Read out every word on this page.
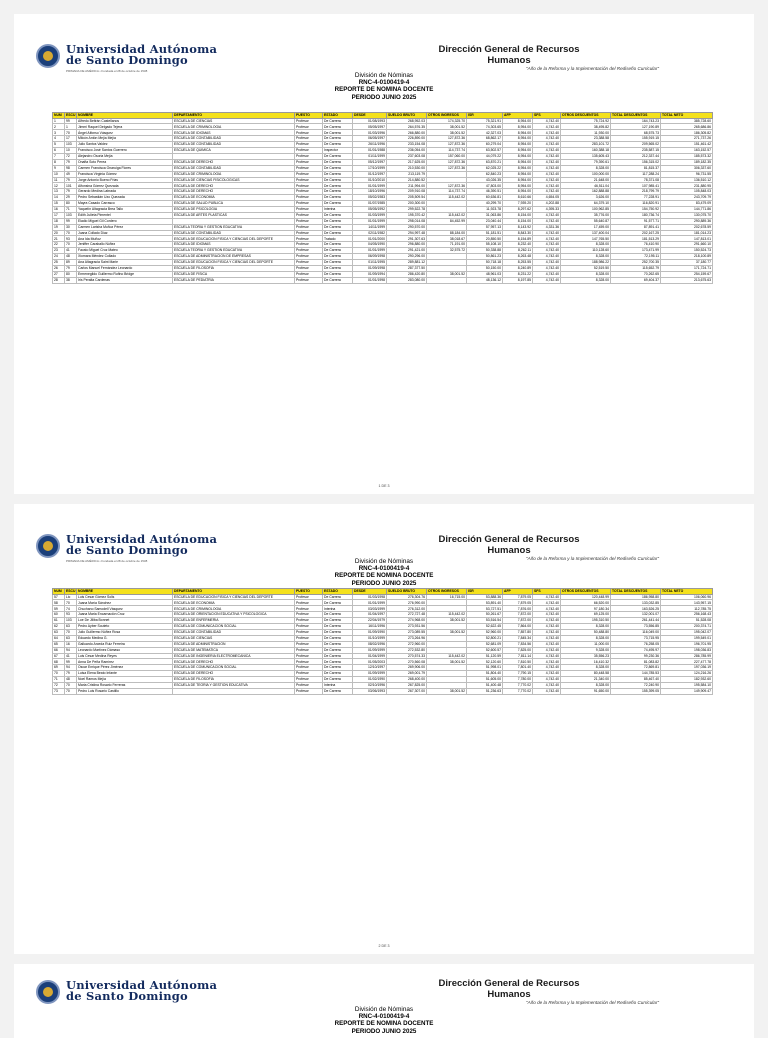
Universidad Autónoma
de Santo Domingo
PRIMADA DE AMÉRICA • Fundada el 28 de octubre de 1538
Dirección General de Recursos
Humanos
"Año de la Reforma y la Implementación del Rediseño Curricular"
División de Nóminas
RNC-4-0100419-4
REPORTE DE NOMINA DOCENTE
PERIODO JUNIO 2025
NUM	ESCU	NOMBRE	DEPARTAMENTO	PUESTO	ESTADO	DESDE	SUELDO BRUTO	OTROS INGRESOS	ISR	AFP	SFS	OTROS DESCUENTOS	TOTAL DESCUENTOS	TOTAL NETO
1	99	Alfredo Beltrán Castellanos	ESCUELA DE CIENCIAS	Profesor	De Carrera	01/08/1993	268,952.03	174,325.70	75,321.91	8,954.00	4,742.40	75,724.92	164,743.23	385,728.60
2	1	Jimmi Raquel Delgado Tejera	ESCUELA DE CRIMINOLOGIA	Profesor	De Carrera	05/05/1997	264,576.35	38,001.52	74,303.65	8,954.00	4,742.40	38,495.82	127,190.89	265,686.86
3	70	Ángel Alfonso Vásquez	ESCUELA DE IDIOMAS	Profesor	De Carrera	01/03/1996	266,880.00	38,001.52	42,327.03	8,954.00	4,742.40	11,930.00	68,575.73	186,305.82
4	17	Milcón Antón Mejía Mejía	ESCUELA DE CONTABILIDAD	Profesor	De Carrera	06/05/1997	226,890.00	127,872.36	68,862.17	8,954.00	4,742.40	23,388.58	155,919.15	271,737.26
5	103	Julio Santos Valdez	ESCUELA DE CONTABILIDAD	Profesor	De Carrera	26/11/1996	233,154.08	127,872.36	60,279.04	8,954.00	4,742.40	283,101.72	209,565.02	151,461.42
6	10	Francisco José Santos Guerrero	ESCUELA DE QUIMICA	Profesor	Inspector	01/01/1988	236,054.00	114,737.74	63,502.57	8,954.00	4,742.40	160,388.18	235,587.15	163,152.57
7	72	Alejandro Osoria Mejía		Profesor	De Carrera	01/11/1999	237,603.08	157,060.00	44,079.22	8,954.00	4,742.40	135,605.43	212,337.44	185,573.32
8	79	Onafta Soto Perea	ESCUELA DE DERECHO	Profesor	De Carrera	05/12/1997	217,625.00	127,872.36	63,870.21	8,954.00	4,742.40	79,390.61	156,315.02	189,182.35
9	98	Carmen Francisca Onaruiga Flores	ESCUELA DE CONTABILIDAD	Profesor	De Carrera	17/10/1999	210,530.00	127,872.36	62,025.22	8,954.00	4,742.40	8,328.00	81,815.37	306,337.60
10	49	Francisca Virginia Gómez	ESCUELA DE CRIMINOLOGIA	Profesor	De Carrera	01/12/1997	213,119.79		62,840.23	8,954.00	4,742.40	100,000.00	117,288.24	96,731.55
11	79	Jorge Antonio Bueno Frias	ESCUELA DE CIENCIAS FISICOLOGICAS	Profesor	De Carrera	01/10/2010	214,880.52		43,026.35	8,954.00	4,742.40	21,648.00	78,371.08	136,510.12
12	101	Alfonsina Gómez Quezada	ESCUELA DE DERECHO	Profesor	De Carrera	01/01/1999	211,994.00	127,872.36	47,803.00	8,954.00	4,742.40	46,511.04	107,985.41	231,880.95
13	79	Gerardo Medina Labrada	ESCUELA DE DERECHO	Profesor	De Carrera	18/10/1996	209,910.08	114,737.74	46,390.51	8,954.00	4,742.40	162,888.88	218,799.79	105,848.03
14	29	Pedro Sebastián Uzo Quezada	ESCUELA DE ECONOMIA	Profesor	De Carrera	05/02/1983	205,509.54	115,442.02	60,636.81	8,610.66	4,654.05	3,626.00	77,228.91	243,709.79
15	80	Mayra Casado Carrasco	ESCUELA DE SALUD PUBLICA	Profesor	De Carrera	01/07/1985	200,300.00		40,299.70	7,939.20	4,202.88	64,379.10	116,820.91	83,479.09
16	71	Yaquelín Altagracia Brea Tallo	ESCUELA DE PSICOLOGIA	Profesor	Interina	05/05/1992	299,522.78		11,923.78	8,297.62	4,395.33	100,962.85	154,750.92	144,771.86
17	103	Edith Julieta Pimentel	ESCUELA DE ARTES PLASTICAS	Profesor	De Carrera	01/03/1999	195,370.42	115,442.02	31,063.86	8,154.00	4,742.40	35,776.00	180,736.74	130,075.70
18	99	Eladio Miguel Gil Cordero		Profesor	De Carrera	01/01/1999	298,014.08	84,452.99	23,040.44	8,154.00	4,742.40	55,640.87	91,577.71	290,889.36
19	30	Carmen Larisha Muñoz Pérez	ESCUELA TEORIA Y GESTION EDUCATIVA	Profesor	De Carrera	14/11/1999	290,570.00		57,957.13	8,143.92	4,331.36	17,459.00	87,891.41	202,678.59
20	70	Juana Collado Díaz	ESCUELA DE CONTABILIDAD	Profesor	De Carrera	02/11/1982	294,997.48	88,184.00	51,181.51	8,843.30	4,742.40	137,400.04	202,167.25	181,014.23
21	93	Ana Ida Muñoz	ESCUELA DE EDUCACION FISICA Y CIENCIAS DEL DEPORTE	Profesor	Tratado	01/01/2000	291,307.63	38,018.67	20,850.50	8,154.89	4,742.40	147,765.50	181,513.29	147,813.01
22	70	Jeniffer Caraballo Núñez	ESCUELA DE IDIOMAS	Profesor	De Carrera	04/05/1990	296,880.00	71,191.00	55,108.10	8,232.40	4,742.40	8,328.00	76,410.90	291,660.10
23	41	Fausto Miguel Cruz Mateo	ESCUELA TEORIA Y GESTION EDUCATIVA	Profesor	De Carrera	01/01/1999	291,421.00	32,575.72	50,338.88	8,262.11	4,742.40	110,128.60	173,471.99	150,524.73
24	48	Xiomara Méndez Collado	ESCUELA DE ADMINISTRACION DE EMPRESAS	Profesor	De Carrera	06/09/1998	290,296.00		50,861.23	8,263.48	4,742.40	8,328.00	72,195.11	218,100.89
25	89	Ana Altagracia Saint Marie	ESCUELA DE EDUCACION FISICA Y CIENCIAS DEL DEPORTE	Profesor	De Carrera	01/11/1995	289,881.12		50,718.18	8,253.55	4,742.40	188,986.22	252,700.35	37,180.77
26	79	Carlos Manuel Fernández Leonardo	ESCUELA DE FILOSOFIA	Profesor	De Carrera	01/09/1998	287,377.50		50,150.00	8,240.89	4,742.40	52,519.50	115,652.79	171,724.71
27	80	Ermenegildo Guillermo Rufino Bridge	ESCUELA DE FISICA	Profesor	De Carrera	01/09/1994	286,420.80	38,001.52	48,961.03	8,231.22	4,742.40	8,328.00	70,262.65	254,159.67
28	38	Iris Peralta Cardenas	ESCUELA DE PEDIATRIA	Profesor	De Carrera	01/01/1998	283,080.00		48,136.12	8,197.85	4,742.40	8,328.00	69,404.37	213,675.63
1 DE 3
Universidad Autónoma
de Santo Domingo
PRIMADA DE AMÉRICA • Fundada el 28 de octubre de 1538
Dirección General de Recursos
Humanos
"Año de la Reforma y la Implementación del Rediseño Curricular"
División de Nóminas
RNC-4-0100419-4
REPORTE DE NOMINA DOCENTE
PERIODO JUNIO 2025
NUM	ESCU	NOMBRE	DEPARTAMENTO	PUESTO	ESTADO	DESDE	SUELDO BRUTO	OTROS INGRESOS	ISR	AFP	SFS	OTROS DESCUENTOS	TOTAL DESCUENTOS	TOTAL NETO
57	Lic	Luis Cesar Gómez Solis	ESCUELA DE EDUCACION FISICA Y CIENCIAS DEL DEPORTE	Profesor	De Carrera	01/03/1998	276,304.76	16,715.00	53,888.36	7,879.05	4,742.40	120,448.99	186,958.80	106,060.96
58	70	Juana María Sánchez	ESCUELA DE ECONOMIA	Profesor	De Carrera	01/01/1999	276,990.00		53,891.40	7,879.05	4,742.40	66,520.00	133,032.85	143,957.15
59	74	Chuchano Samodell Vásquez	ESCUELA DE CRIMINOLOGIA	Profesor	Interina	03/03/1999	276,312.00		53,727.51	7,876.00	4,742.40	97,180.34	163,526.25	112,785.75
60	93	Juana Maria Encarnación Cruz	ESCUELA DE ORIENTACION EDUCATIVA Y PSICOLOGICA	Profesor	De Carrera	01/04/1997	272,727.48	115,442.02	50,261.67	7,872.00	4,742.40	69,125.00	132,001.07	256,168.43
61	103	Loe De Jiliba Bonnet	ESCUELA DE ENFERMERIA	Profesor	De Carrera	22/04/1979	274,968.00	38,001.52	53,516.54	7,872.00	4,742.40	195,310.50	261,441.44	51,528.08
62	63	Pedro Ayber Souteto	ESCUELA DE COMUNICACION SOCIAL	Profesor	De Carrera	16/11/1996	273,931.56		52,622.45	7,864.00	4,742.40	8,328.00	73,556.85	200,374.71
63	70	Julio Guillermo Núñez Rosa	ESCUELA DE CONTABILIDAD	Profesor	De Carrera	01/09/1990	273,089.55	38,001.52	52,960.00	7,857.80	4,742.40	50,488.80	116,049.00	195,042.07
64	63	Eduardo Medina G.	ESCUELA DE CIENCIAS	Profesor	De Carrera	01/10/1999	273,264.96		52,800.21	7,845.34	4,742.40	8,328.00	73,715.95	199,549.01
65	16	Galluardo Arceda Ruiz Ferreira	ESCUELA DE ADMINISTRACION	Profesor	De Carrera	08/02/1996	272,960.00		52,681.09	7,834.56	4,742.40	11,000.00	76,258.05	196,701.95
66	94	Leonardo Martínez Dámaso	ESCUELA DE MATEMATICA	Profesor	De Carrera	01/09/1999	272,532.80		52,600.57	7,825.00	4,742.40	9,328.00	74,495.97	198,036.83
67	41	Luis Cesar Medina Reyes	ESCUELA DE INGENIERIA ELECTROMECANICA	Profesor	De Carrera	01/04/1999	270,574.33	115,442.02	51,120.59	7,811.14	4,742.40	35,556.23	99,230.36	286,785.99
68	99	Anna De Peña Ramírez	ESCUELA DE DERECHO	Profesor	De Carrera	01/05/2003	270,560.08	38,001.52	52,120.60	7,810.50	4,742.40	16,410.32	81,083.82	227,477.78
69	94	Oscar Enrique Pérez Jiménez	ESCUELA DE COMUNICACION SOCIAL	Profesor	De Carrera	12/10/1997	269,906.00		51,998.01	7,801.40	4,742.40	8,328.00	72,869.81	197,036.19
70	79	Luisa Elena Beato Infante	ESCUELA DE DERECHO	Profesor	De Carrera	01/09/1999	269,001.79		51,804.40	7,790.15	4,742.40	80,448.58	144,785.53	124,216.26
71	48	Noel Ramos Mejía	ESCUELA DE FILOSOFIA	Profesor	De Carrera	01/02/1990	268,400.00		51,605.00	7,780.00	4,742.40	21,340.00	85,467.40	182,932.60
72	70	Maria Cristina Rosario Ferreras	ESCUELA DE TEORIA Y GESTION EDUCATIVA	Profesor	Interina	02/10/1996	267,825.00		51,400.48	7,770.02	4,742.40	8,328.00	72,240.90	195,584.10
73	70	Pedro Luis Rosario Castillo		Profesor	De Carrera	03/06/1993	267,307.00	38,001.52	51,236.63	7,770.02	4,742.40	91,650.00	155,399.05	149,909.47
2 DE 3
Universidad Autónoma
de Santo Domingo
Dirección General de Recursos
Humanos
"Año de la Reforma y la Implementación del Rediseño Curricular"
División de Nóminas
RNC-4-0100419-4
REPORTE DE NOMINA DOCENTE
PERIODO JUNIO 2025
